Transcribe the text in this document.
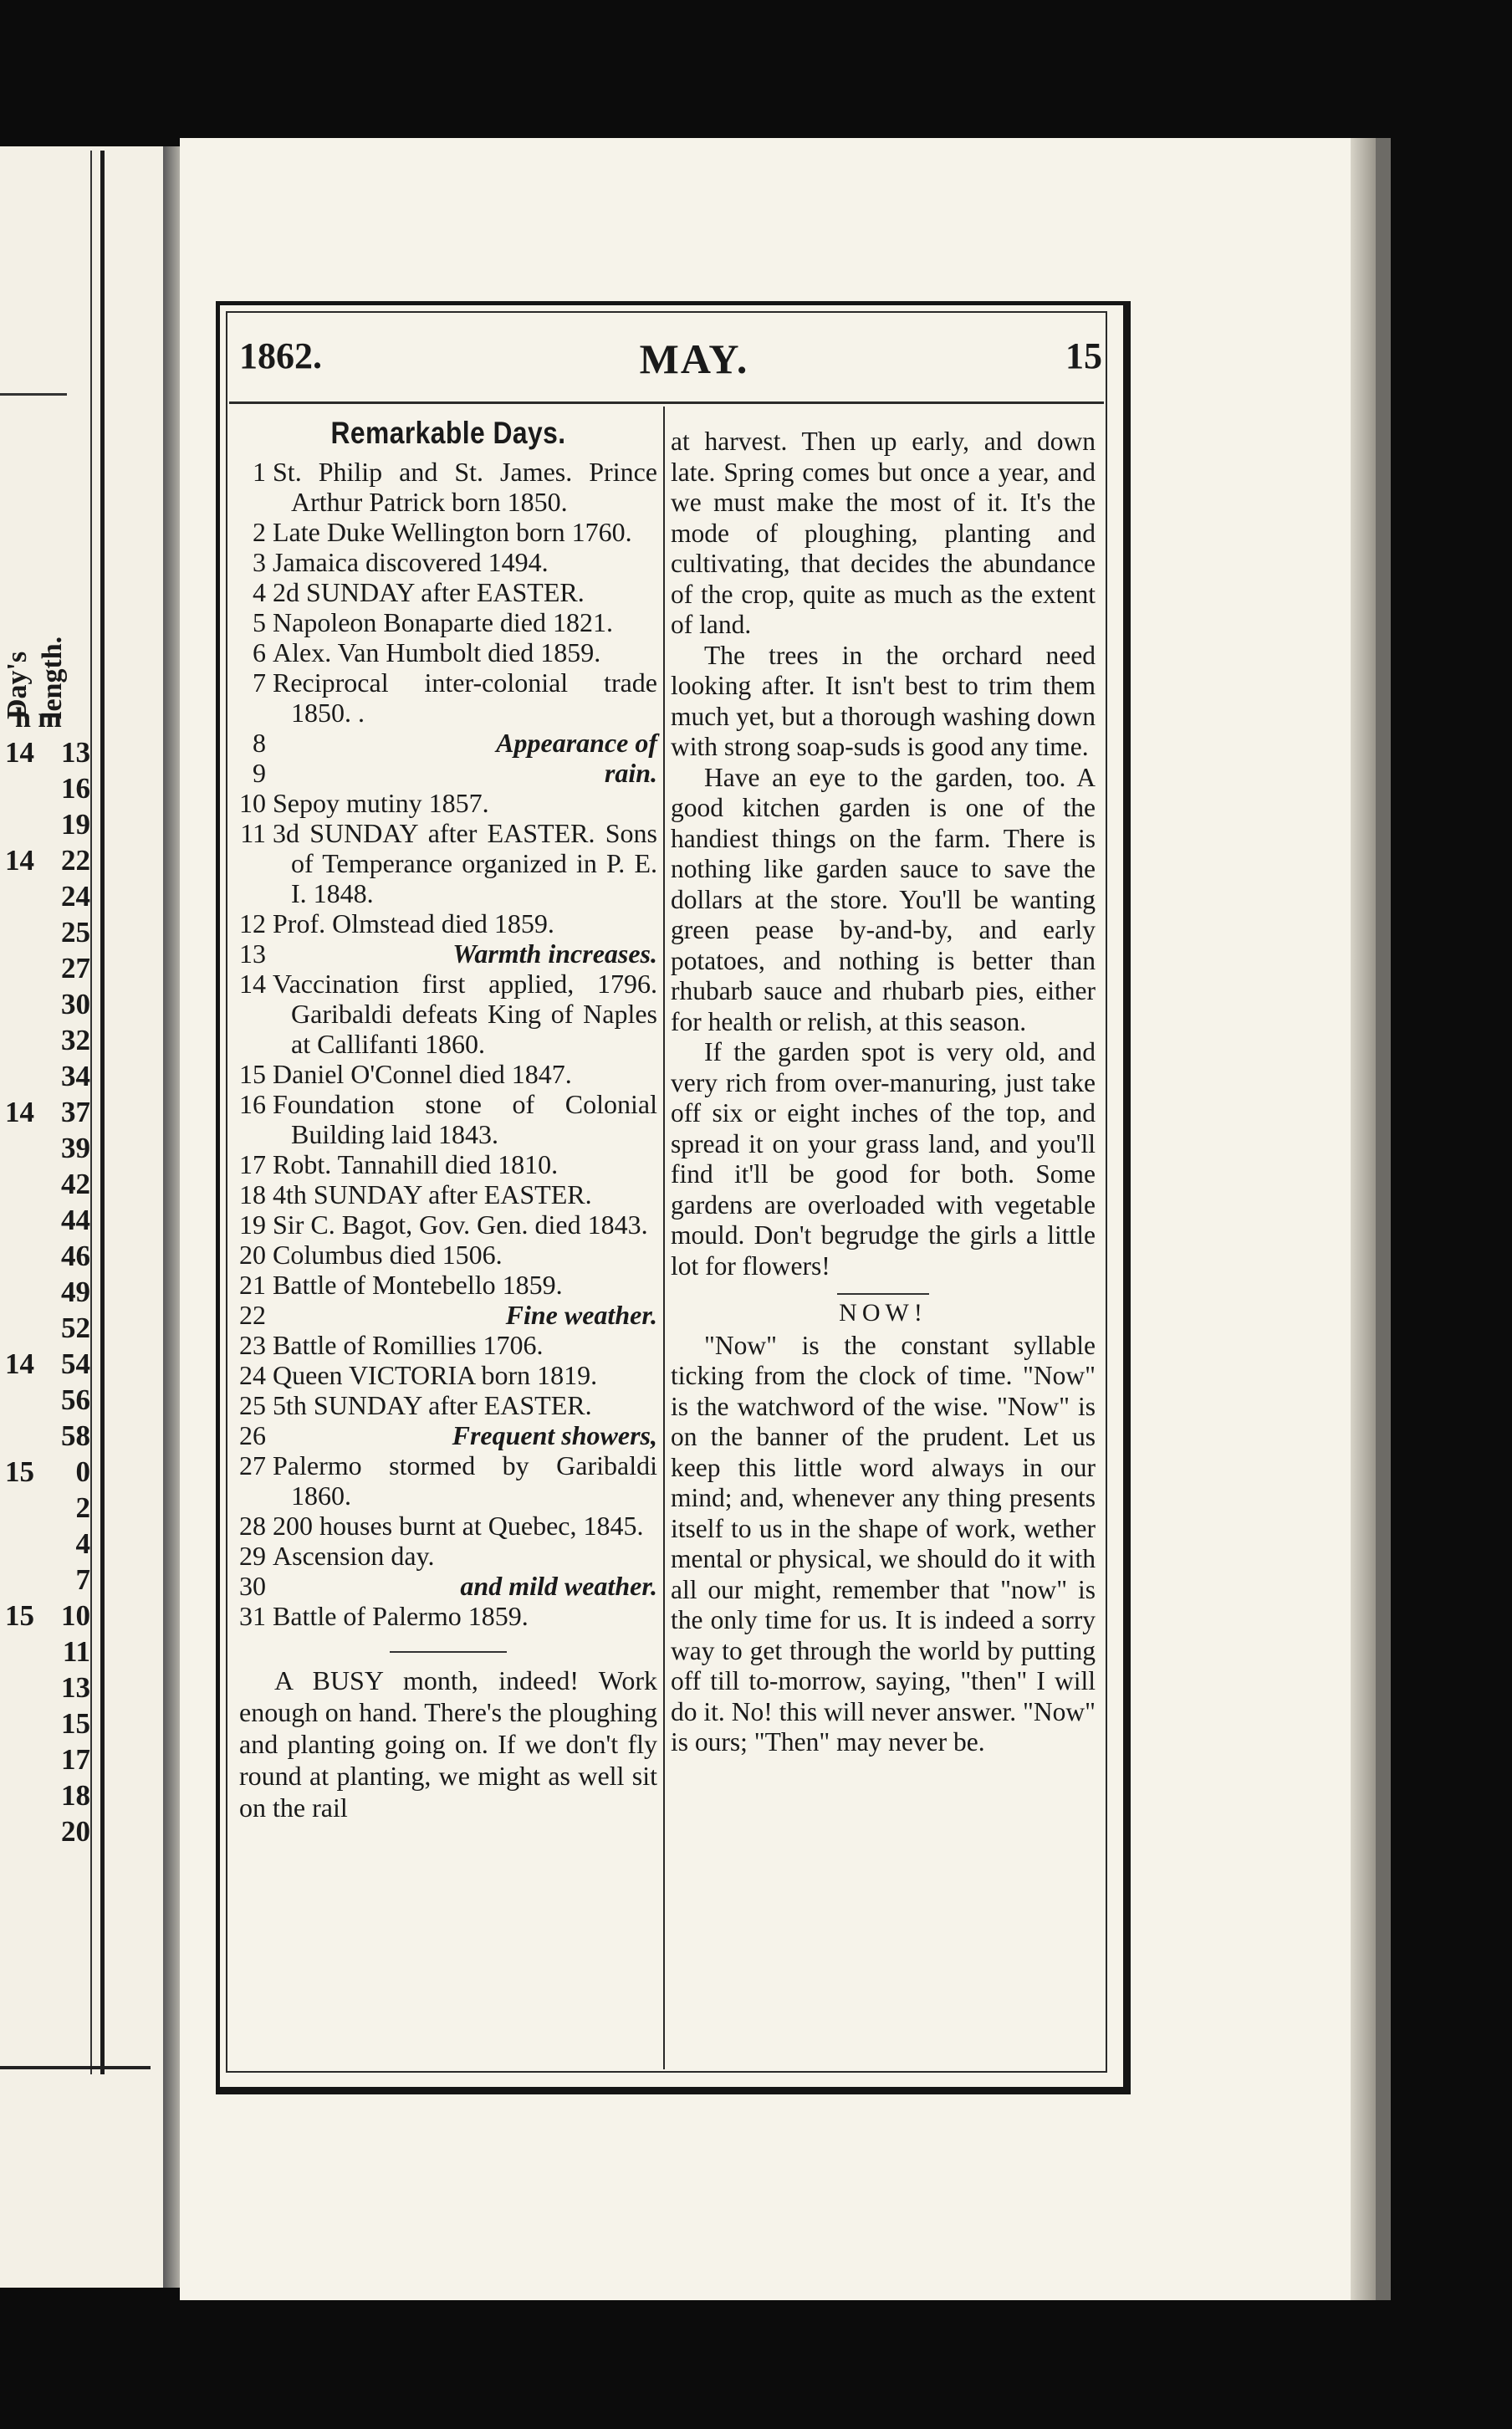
Day's length.
h m
14 13
16
19
14 22
24
25
27
30
32
34
14 37
39
42
44
46
49
52
14 54
56
58
15 0
2
4
7
15 10
11
13
15
17
18
20
1862.	MAY.	15
Remarkable Days.
1 St. Philip and St. James. Prince Arthur Patrick born 1850.
2 Late Duke Wellington born 1760.
3 Jamaica discovered 1494.
4 2d SUNDAY after EASTER.
5 Napoleon Bonaparte died 1821.
6 Alex. Van Humbolt died 1859.
7 Reciprocal inter-colonial trade 1850. .
8	Appearance of
9	rain.
10 Sepoy mutiny 1857.
11 3d SUNDAY after EASTER. Sons of Temperance organized in P. E. I. 1848.
12 Prof. Olmstead died 1859.
13	Warmth increases.
14 Vaccination first applied, 1796. Garibaldi defeats King of Naples at Callifanti 1860.
15 Daniel O'Connel died 1847.
16 Foundation stone of Colonial Building laid 1843.
17 Robt. Tannahill died 1810.
18 4th SUNDAY after EASTER.
19 Sir C. Bagot, Gov. Gen. died 1843.
20 Columbus died 1506.
21 Battle of Montebello 1859.
22	Fine weather.
23 Battle of Romillies 1706.
24 Queen VICTORIA born 1819.
25 5th SUNDAY after EASTER.
26	Frequent showers,
27 Palermo stormed by Garibaldi 1860.
28 200 houses burnt at Quebec, 1845.
29 Ascension day.
30	and mild weather.
31 Battle of Palermo 1859.
A BUSY month, indeed! Work enough on hand. There's the ploughing and planting going on. If we don't fly round at planting, we might as well sit on the rail

at harvest. Then up early, and down late. Spring comes but once a year, and we must make the most of it. It's the mode of ploughing, planting and cultivating, that decides the abundance of the crop, quite as much as the extent of land.

The trees in the orchard need looking after. It isn't best to trim them much yet, but a thorough washing down with strong soap-suds is good any time.

Have an eye to the garden, too. A good kitchen garden is one of the handiest things on the farm. There is nothing like garden sauce to save the dollars at the store. You'll be wanting green pease by-and-by, and early potatoes, and nothing is better than rhubarb sauce and rhubarb pies, either for health or relish, at this season.

If the garden spot is very old, and very rich from over-manuring, just take off six or eight inches of the top, and spread it on your grass land, and you'll find it'll be good for both. Some gardens are overloaded with vegetable mould. Don't begrudge the girls a little lot for flowers!

NOW!

"Now" is the constant syllable ticking from the clock of time. "Now" is the watchword of the wise. "Now" is on the banner of the prudent. Let us keep this little word always in our mind; and, whenever any thing presents itself to us in the shape of work, wether mental or physical, we should do it with all our might, remember that "now" is the only time for us. It is indeed a sorry way to get through the world by putting off till to-morrow, saying, "then" I will do it. No! this will never answer. "Now" is ours; "Then" may never be.
